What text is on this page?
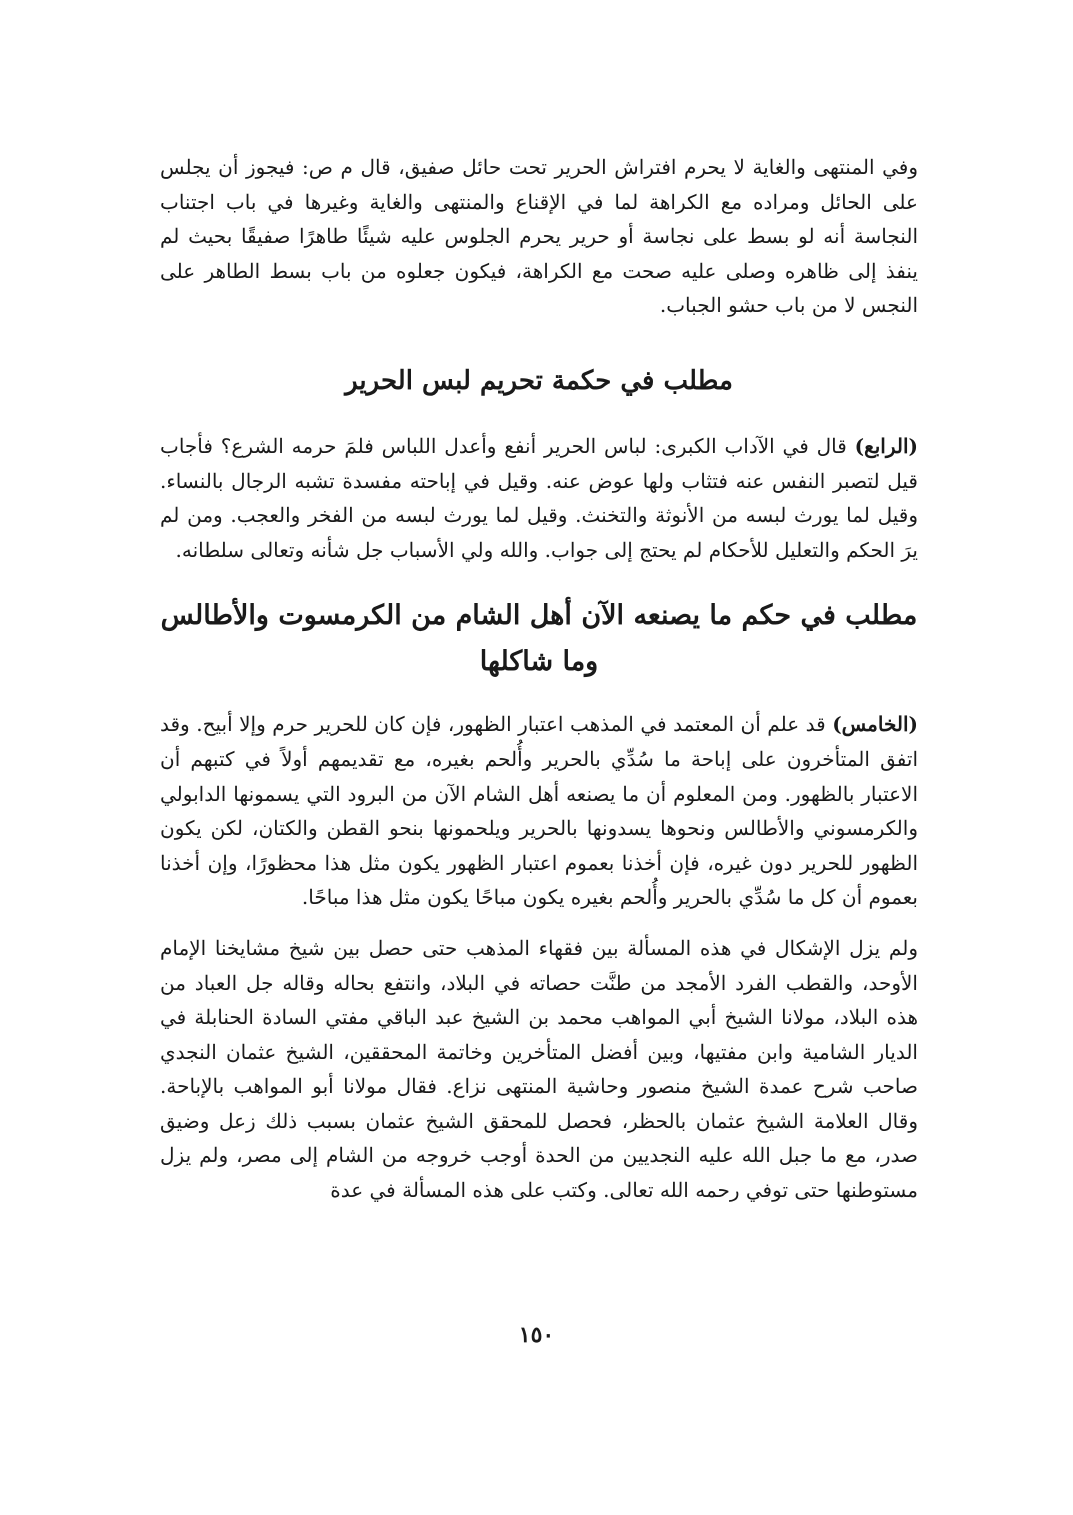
وفي المنتهى والغاية لا يحرم افتراش الحرير تحت حائل صفيق، قال م ص: فيجوز أن يجلس على الحائل ومراده مع الكراهة لما في الإقناع والمنتهى والغاية وغيرها في باب اجتناب النجاسة أنه لو بسط على نجاسة أو حرير يحرم الجلوس عليه شيئًا طاهرًا صفيقًا بحيث لم ينفذ إلى ظاهره وصلى عليه صحت مع الكراهة، فيكون جعلوه من باب بسط الطاهر على النجس لا من باب حشو الجباب.

مطلب في حكمة تحريم لبس الحرير

(الرابع) قال في الآداب الكبرى: لباس الحرير أنفع وأعدل اللباس فلمَ حرمه الشرع؟ فأجاب قيل لتصبر النفس عنه فتثاب ولها عوض عنه. وقيل في إباحته مفسدة تشبه الرجال بالنساء. وقيل لما يورث لبسه من الأنوثة والتخنث. وقيل لما يورث لبسه من الفخر والعجب. ومن لم يرَ الحكم والتعليل للأحكام لم يحتج إلى جواب. والله ولي الأسباب جل شأنه وتعالى سلطانه.

مطلب في حكم ما يصنعه الآن أهل الشام من الكرمسوت والأطالس وما شاكلها

(الخامس) قد علم أن المعتمد في المذهب اعتبار الظهور، فإن كان للحرير حرم وإلا أبيح. وقد اتفق المتأخرون على إباحة ما سُدِّي بالحرير وأُلحم بغيره، مع تقديمهم أولاً في كتبهم أن الاعتبار بالظهور. ومن المعلوم أن ما يصنعه أهل الشام الآن من البرود التي يسمونها الدابولي والكرمسوني والأطالس ونحوها يسدونها بالحرير ويلحمونها بنحو القطن والكتان، لكن يكون الظهور للحرير دون غيره، فإن أخذنا بعموم اعتبار الظهور يكون مثل هذا محظورًا، وإن أخذنا بعموم أن كل ما سُدِّي بالحرير وأُلحم بغيره يكون مباحًا يكون مثل هذا مباحًا.

ولم يزل الإشكال في هذه المسألة بين فقهاء المذهب حتى حصل بين شيخ مشايخنا الإمام الأوحد، والقطب الفرد الأمجد من طنَّت حصاته في البلاد، وانتفع بحاله وقاله جل العباد من هذه البلاد، مولانا الشيخ أبي المواهب محمد بن الشيخ عبد الباقي مفتي السادة الحنابلة في الديار الشامية وابن مفتيها، وبين أفضل المتأخرين وخاتمة المحققين، الشيخ عثمان النجدي صاحب شرح عمدة الشيخ منصور وحاشية المنتهى نزاع. فقال مولانا أبو المواهب بالإباحة. وقال العلامة الشيخ عثمان بالحظر، فحصل للمحقق الشيخ عثمان بسبب ذلك زعل وضيق صدر، مع ما جبل الله عليه النجديين من الحدة أوجب خروجه من الشام إلى مصر، ولم يزل مستوطنها حتى توفي رحمه الله تعالى. وكتب على هذه المسألة في عدة

١٥٠
